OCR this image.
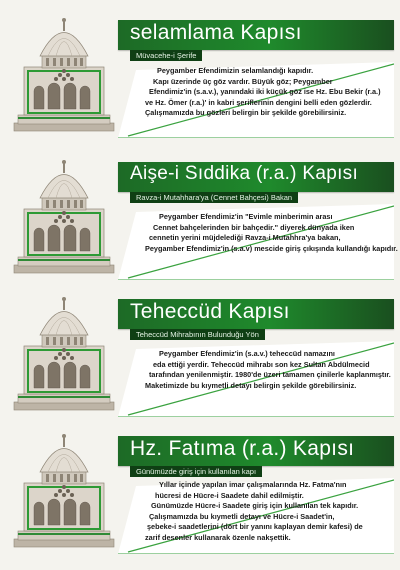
selamlama Kapısı
Müvacehe-i Şerife
Peygamber Efendimizin selamlandığı kapıdır.
Kapı üzerinde üç göz vardır. Büyük göz; Peygamber
Efendimiz'in (s.a.v.), yanındaki iki küçük göz ise Hz. Ebu Bekir (r.a.)
ve Hz. Ömer (r.a.)' in kabri şeriflerinin dengini belli eden gözlerdir.
Çalışmamızda bu gözleri belirgin bir şekilde görebilirsiniz.
Aişe-i Sıddika (r.a.) Kapısı
Ravza-i Mutahhara'ya (Cennet Bahçesi) Bakan
Peygamber Efendimiz'in "Evimle minberimin arası
Cennet bahçelerinden bir bahçedir." diyerek dünyada iken
cennetin yerini müjdelediği Ravza-i Mutahhra'ya bakan,
Peygamber Efendimiz'in (s.a.v) mescide giriş çıkışında kullandığı kapıdır.
Teheccüd Kapısı
Teheccüd Mihrabının Bulunduğu Yön
Peygamber Efendimiz'in (s.a.v.) teheccüd namazını
eda ettiği yerdir. Teheccüd mihrabı son kez Sultan Abdülmecid
tarafından yenilenmiştir. 1980'de üzeri tamamen çinilerle kaplanmıştır.
Maketimizde bu kıymetli detayı belirgin şekilde görebilirsiniz.
Hz. Fatıma (r.a.) Kapısı
Günümüzde giriş için kullanılan kapı
Yıllar içinde yapılan imar çalışmalarında Hz. Fatma'nın
hücresi de Hücre-i Saadete dahil edilmiştir.
Günümüzde Hücre-i Saadete giriş için kullanılan tek kapıdır.
Çalışmamızda bu kıymetli detayı ve Hücre-i Saadet'in,
şebeke-i saadetlerini (dört bir yanını kaplayan demir kafesi) de
zarif desenler kullanarak özenle nakşettik.
